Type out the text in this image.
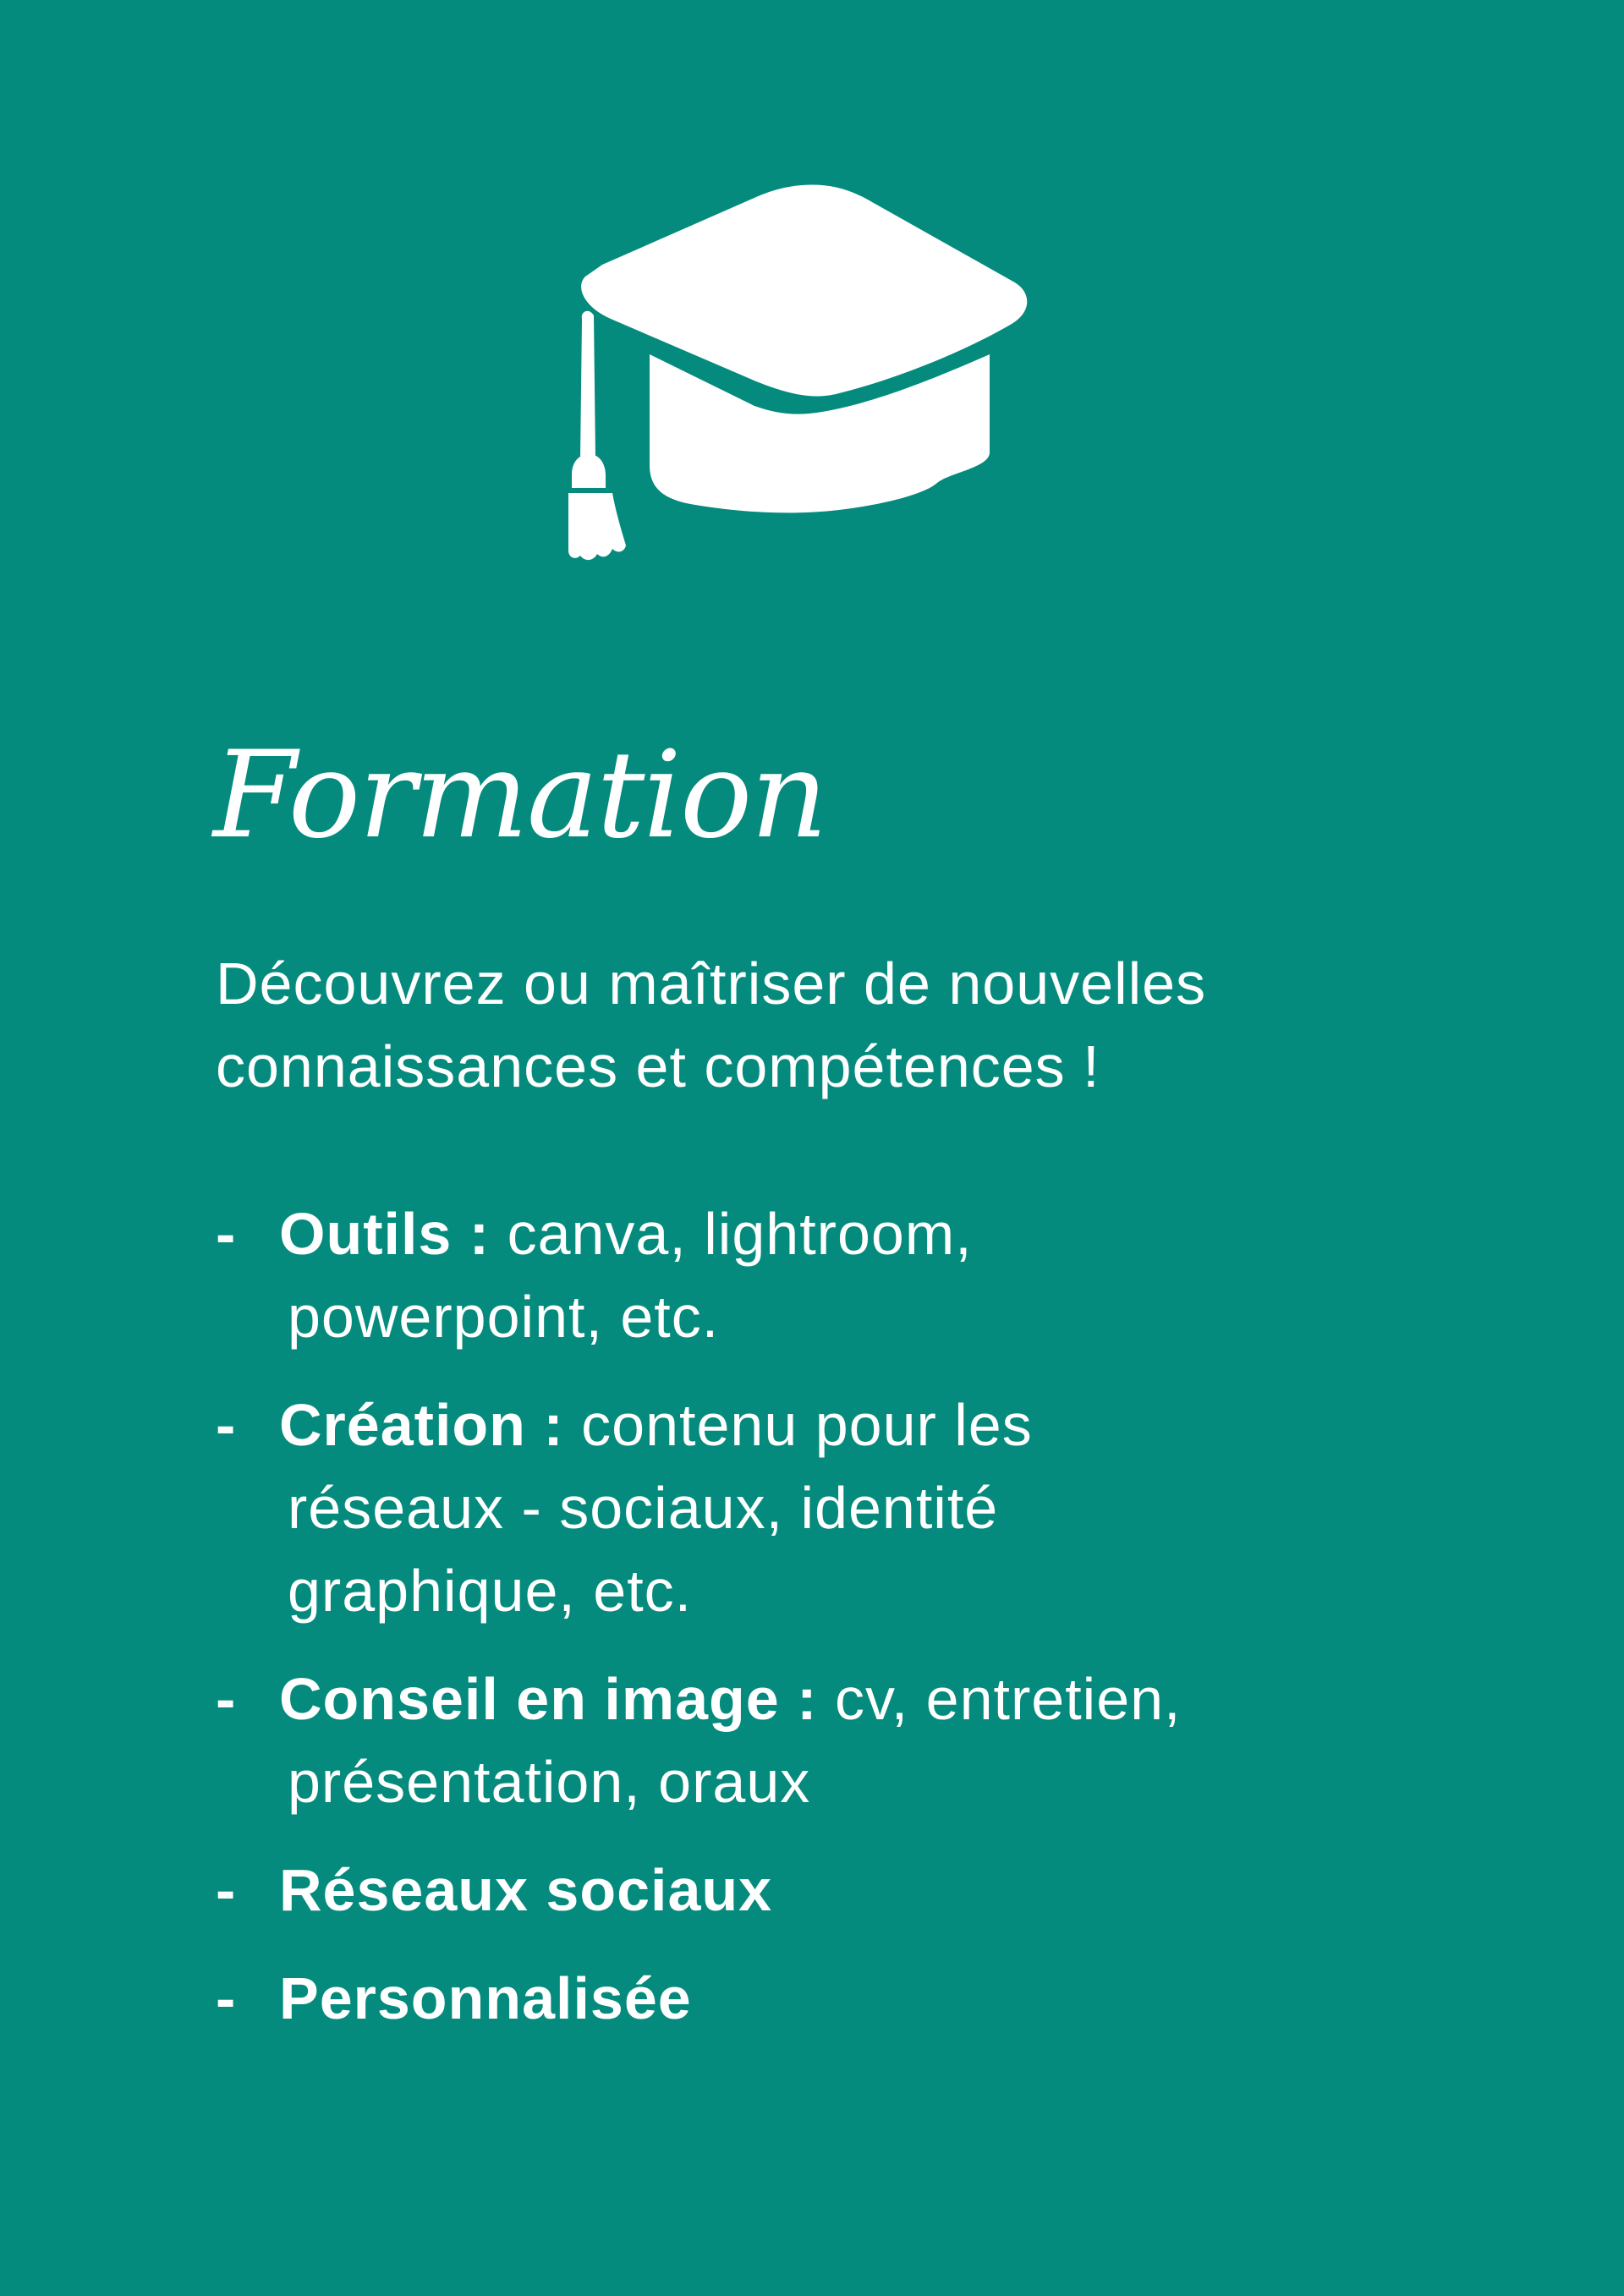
Formation

Découvrez ou maîtriser de nouvelles
connaissances et compétences !

- Outils : canva, lightroom,
powerpoint, etc.
- Création : contenu pour les
réseaux - sociaux, identité
graphique, etc.
- Conseil en image : cv, entretien,
présentation, oraux
- Réseaux sociaux
- Personnalisée
